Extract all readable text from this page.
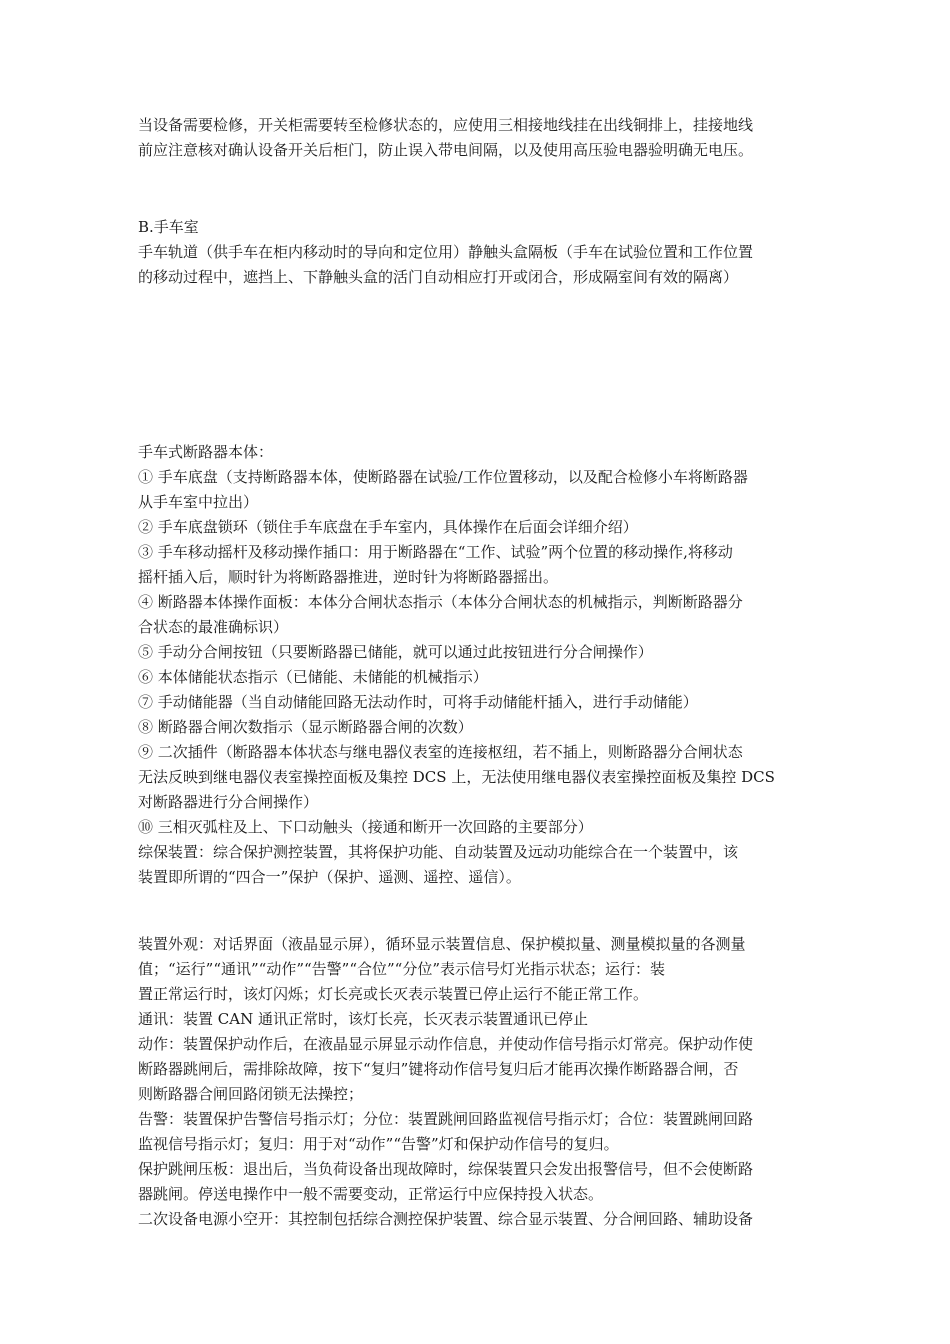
当设备需要检修，开关柜需要转至检修状态的，应使用三相接地线挂在出线铜排上，挂接地线
前应注意核对确认设备开关后柜门，防止误入带电间隔，以及使用高压验电器验明确无电压。
B.手车室
手车轨道（供手车在柜内移动时的导向和定位用）静触头盒隔板（手车在试验位置和工作位置
的移动过程中，遮挡上、下静触头盒的活门自动相应打开或闭合，形成隔室间有效的隔离）
手车式断路器本体：
① 手车底盘（支持断路器本体，使断路器在试验/工作位置移动，以及配合检修小车将断路器
从手车室中拉出）
② 手车底盘锁环（锁住手车底盘在手车室内，具体操作在后面会详细介绍）
③ 手车移动摇杆及移动操作插口：用于断路器在“工作、试验”两个位置的移动操作,将移动
摇杆插入后，顺时针为将断路器推进，逆时针为将断路器摇出。
④ 断路器本体操作面板：本体分合闸状态指示（本体分合闸状态的机械指示，判断断路器分
合状态的最准确标识）
⑤ 手动分合闸按钮（只要断路器已储能，就可以通过此按钮进行分合闸操作）
⑥ 本体储能状态指示（已储能、未储能的机械指示）
⑦ 手动储能器（当自动储能回路无法动作时，可将手动储能杆插入，进行手动储能）
⑧ 断路器合闸次数指示（显示断路器合闸的次数）
⑨ 二次插件（断路器本体状态与继电器仪表室的连接枢纽，若不插上，则断路器分合闸状态
无法反映到继电器仪表室操控面板及集控 DCS 上，无法使用继电器仪表室操控面板及集控 DCS
对断路器进行分合闸操作）
⑩ 三相灭弧柱及上、下口动触头（接通和断开一次回路的主要部分）
综保装置：综合保护测控装置，其将保护功能、自动装置及远动功能综合在一个装置中，该
装置即所谓的“四合一”保护（保护、遥测、遥控、遥信）。
装置外观：对话界面（液晶显示屏），循环显示装置信息、保护模拟量、测量模拟量的各测量
值；“运行”“通讯”“动作”“告警”“合位”“分位”表示信号灯光指示状态；运行：装
置正常运行时，该灯闪烁；灯长亮或长灭表示装置已停止运行不能正常工作。
通讯：装置 CAN 通讯正常时，该灯长亮，长灭表示装置通讯已停止
动作：装置保护动作后，在液晶显示屏显示动作信息，并使动作信号指示灯常亮。保护动作使
断路器跳闸后，需排除故障，按下“复归”键将动作信号复归后才能再次操作断路器合闸，否
则断路器合闸回路闭锁无法操控；
告警：装置保护告警信号指示灯；分位：装置跳闸回路监视信号指示灯；合位：装置跳闸回路
监视信号指示灯；复归：用于对“动作”“告警”灯和保护动作信号的复归。
保护跳闸压板：退出后，当负荷设备出现故障时，综保装置只会发出报警信号，但不会使断路
器跳闸。停送电操作中一般不需要变动，正常运行中应保持投入状态。
二次设备电源小空开：其控制包括综合测控保护装置、综合显示装置、分合闸回路、辅助设备
